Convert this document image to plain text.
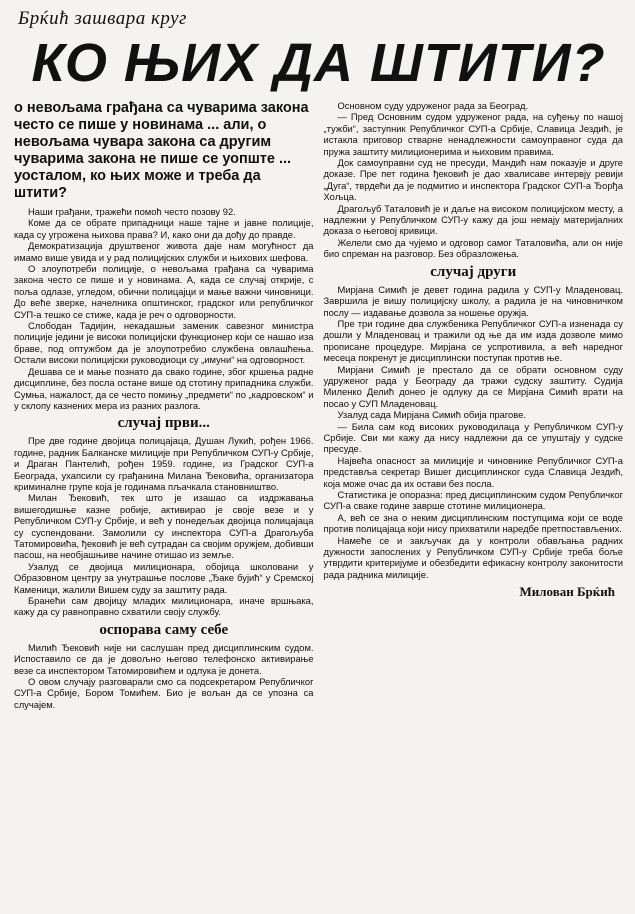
Брќић зашвара круг
КО ЊИХ ДА ШТИТИ?
о невољама грађана са чуварима закона често се пише у новинама ... али, о невољама чувара закона са другим чуварима закона не пише се уопште ... уосталом, ко њих може и треба да штити?

Наши грађани, тражећи помоћ често позову 92.

Коме да се обрате припадници наше тајне и јавне полиције, када су угрожена њихова права? И, како они да дођу до правде.

Демократизација друштвеног живота даје нам могућност да имамо више увида и у рад полицијских служби и њихових шефова.

О злоупотреби полиције, о невољама грађана са чуварима закона често се пише и у новинама. А, када се случај открије, с поља одлазе, угледом, обични полицајци и мање важни чиновници. До веће зверке, начелника општинског, градског или републичког СУП-а тешко се стиже, када је реч о одговорности.

Слободан Тадијин, некадашњи заменик савезног министра полиције једини је високи полицијски функционер који се нашао иза браве, под оптужбом да је злоупотребио службена овлашћења. Остали високи полицијски руководиоци су „имуни“ на одговорност.

Дешава се и мање познато да свако годинe, због кршења радне дисциплине, без посла остане више од стотину припадника служби. Сумња, нажалост, да се често помињу „предмети“ по „кадровском“ и у склопу казнених мера из разних разлога.

случај први...

Пре две године двојица полицајаца, Душан Лукић, рођен 1966. године, радник Балканске милиције при Републичком СУП-у Србије, и Драган Пантелић, рођен 1959. године, из Градског СУП-а Београда, ухапсили су грађанина Милана Ђековића, организатора криминалне групе која је годинама пљачкала становништво.

Милан Ђековић, тек што је изашао са издржавања вишегодишње казне робије, активирао је своје везе и у Републичком СУП-у Србије, и већ у понедељак двојица полицајаца су суспендовани. Замолили су инспектора СУП-а Драгољуба Татомировића, ђековић је већ сутрадан са својим оружјем, добивши пасош, на необјашњиве начине отишао из земље.

Узалуд се двојица милиционара, обојица школовани у Образовном центру за унутрашње послове „Ђаке бујић“ у Сремској Каменици, жалили Вишем суду за заштиту рада.

Бранећи сам двојицу младих милиционара, иначе вршњака, кажу да су равноправно схватили своју службу.

оспорава саму себе

Милић Ђековић није ни саслушан пред дисциплинским судом. Испоставило се да је довољно његово телефонско активирање везе са инспектором Татомировићем и одлука је донета.

О овом случају разговарали смо са подсекретаром Републичког СУП-а Србије, Бором Томићем. Био је вољан да се упозна са случајем.

Основном суду удруженог рада за Београд.

— Пред Основним судом удруженог рада, на суђењу по нашој „тужби“, заступник Републичког СУП-а Србије, Славица Јездић, је истакла приговор стварне ненадлежности самоуправног суда да пружа заштиту милиционерима и њиховим правима.

Док самоуправни суд не пресуди, Мандић нам показује и друге доказе. Пре пет година ђековић је дао хвалисаве интервју ревији „Дуга“, тврдећи да је подмитио и инспектора Градског СУП-а Ђорђа Хољца.

Драгољуб Таталовић је и даље на високом полицијском месту, а надлежни у Републичком СУП-у кажу да још немају материјалних доказа о његовој кривици.

Желели смо да чујемо и одговор самог Таталовића, али он није био спреман на разговор. Без образложења.

случај други

Мирјана Симић је девет година радила у СУП-у Младеновац. Завршила је вишу полицијску школу, а радила је на чиновничком послу — издавање дозвола за ношење оружја.

Пре три године два службеника Републичког СУП-а изненада су дошли у Младеновац и тражили од ње да им изда дозволе мимо прописане процедуре. Мирјана се успротивила, а већ наредног месеца покренут је дисциплински поступак против ње.

Мирјани Симић је престало да се обрати основном суду удруженог рада у Београду да тражи судску заштиту. Судија Миленко Делић донео је одлуку да се Мирјана Симић врати на посао у СУП Младеновац.

Узалуд сада Мирјана Симић обија прагове.

— Била сам код високих руководилаца у Републичком СУП-у Србије. Сви ми кажу да нису надлежни да се упуштају у судске пресуде.

Највећа опасност за милиције и чиновнике Републичког СУП-а представља секретар Вишег дисциплинског суда Славица Јездић, која може очас да их остави без посла.

Статистика је опоразна: пред дисциплинским судом Републичког СУП-а сваке године заврше стотине милиционера.

А, већ се зна о неким дисциплинским поступцима који се воде против полицајаца који нису прихватили наредбе претпостављених.

Намеће се и закључак да у контроли обављања радних дужности запослених у Републичком СУП-у Србије треба боље утврдити критеријуме и обезбедити ефикасну контролу законитости рада радника милиције.

Милован Брќић
